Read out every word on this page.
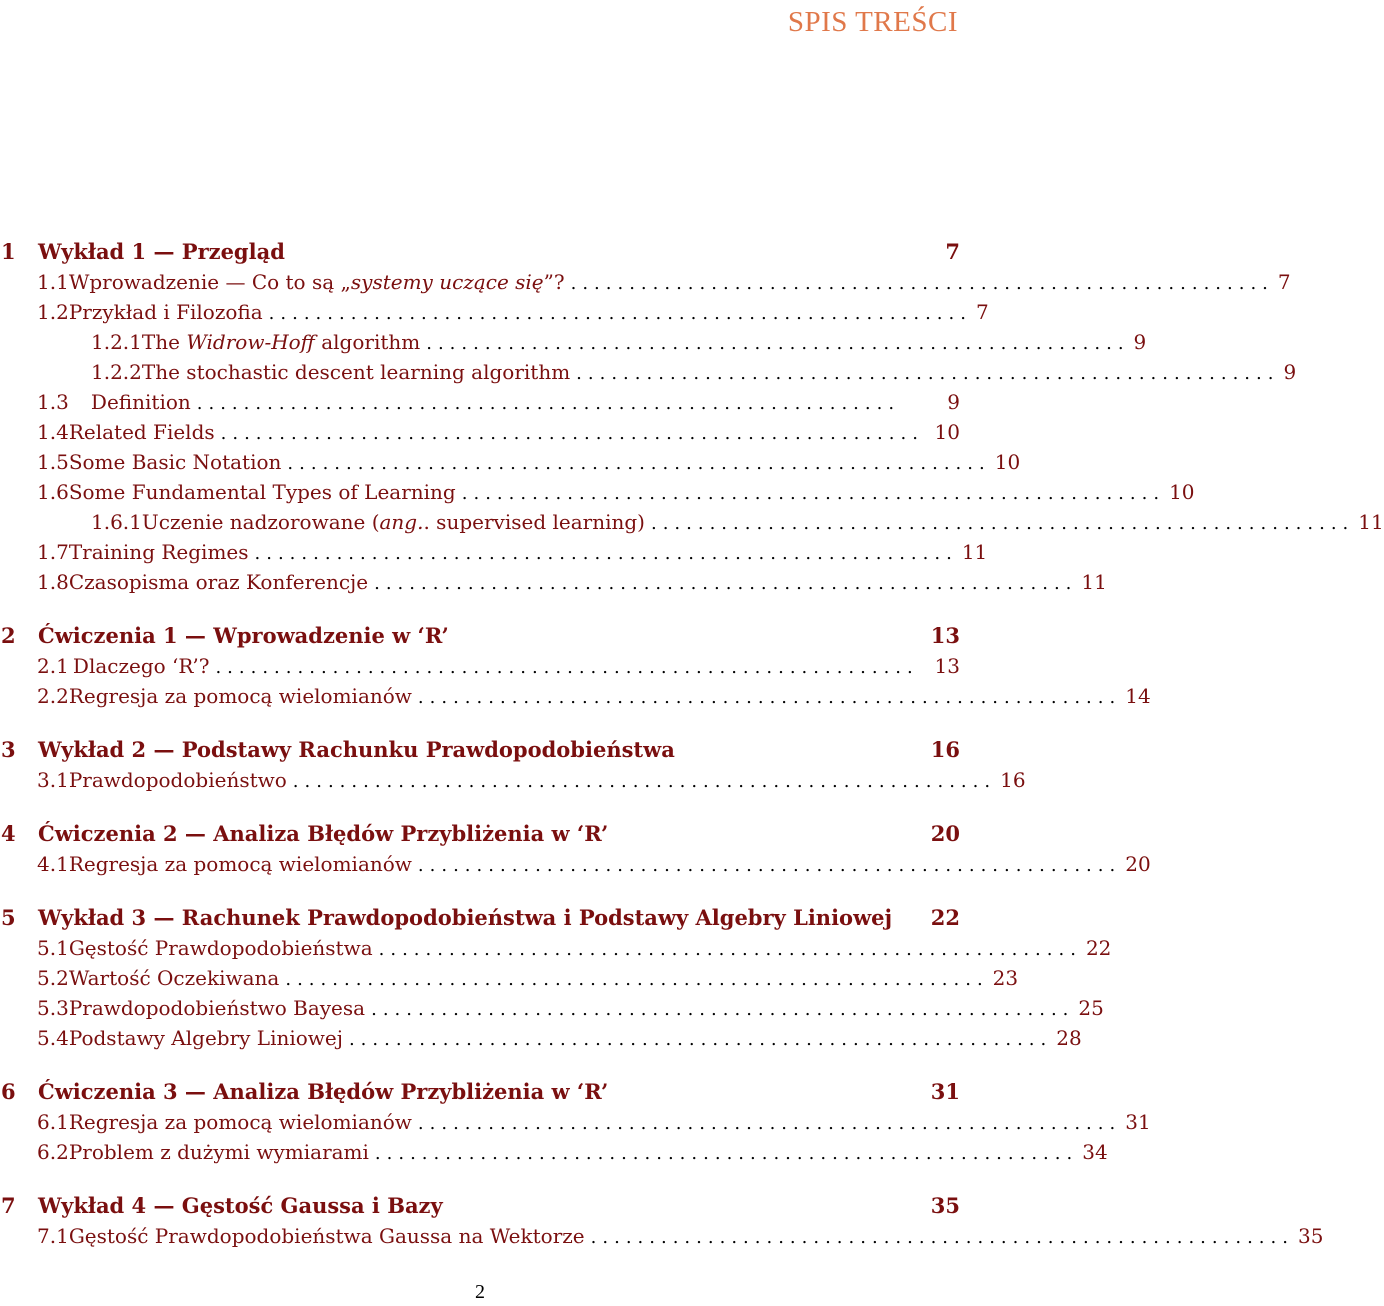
SPIS TREŚCI
1	Wykład 1 — Przegląd	7
1.1 Wprowadzenie — Co to są „systemy uczące się”? ............................................................ 7
1.2 Przykład i Filozofia ............................................................ 7
1.2.1 The Widrow-Hoff algorithm ............................................................ 9
1.2.2 The stochastic descent learning algorithm ............................................................ 9
1.3	Definition ............................................................	9
1.4 Related Fields ............................................................ 10
1.5 Some Basic Notation ............................................................ 10
1.6 Some Fundamental Types of Learning ............................................................ 10
1.6.1 Uczenie nadzorowane (ang.. supervised learning) ............................................................ 11
1.7 Training Regimes ............................................................ 11
1.8 Czasopisma oraz Konferencje ............................................................ 11
2	Ćwiczenia 1 — Wprowadzenie w ‘R’	13
2.1 Dlaczego ‘R’? ............................................................ 13
2.2 Regresja za pomocą wielomianów ............................................................ 14
3	Wykład 2 — Podstawy Rachunku Prawdopodobieństwa	16
3.1 Prawdopodobieństwo ............................................................ 16
4	Ćwiczenia 2 — Analiza Błędów Przybliżenia w ‘R’	20
4.1 Regresja za pomocą wielomianów ............................................................ 20
5	Wykład 3 — Rachunek Prawdopodobieństwa i Podstawy Algebry Liniowej	22
5.1 Gęstość Prawdopodobieństwa ............................................................ 22
5.2 Wartość Oczekiwana ............................................................ 23
5.3 Prawdopodobieństwo Bayesa ............................................................ 25
5.4 Podstawy Algebry Liniowej ............................................................ 28
6	Ćwiczenia 3 — Analiza Błędów Przybliżenia w ‘R’	31
6.1 Regresja za pomocą wielomianów ............................................................ 31
6.2 Problem z dużymi wymiarami ............................................................ 34
7	Wykład 4 — Gęstość Gaussa i Bazy	35
7.1 Gęstość Prawdopodobieństwa Gaussa na Wektorze ............................................................ 35
2
